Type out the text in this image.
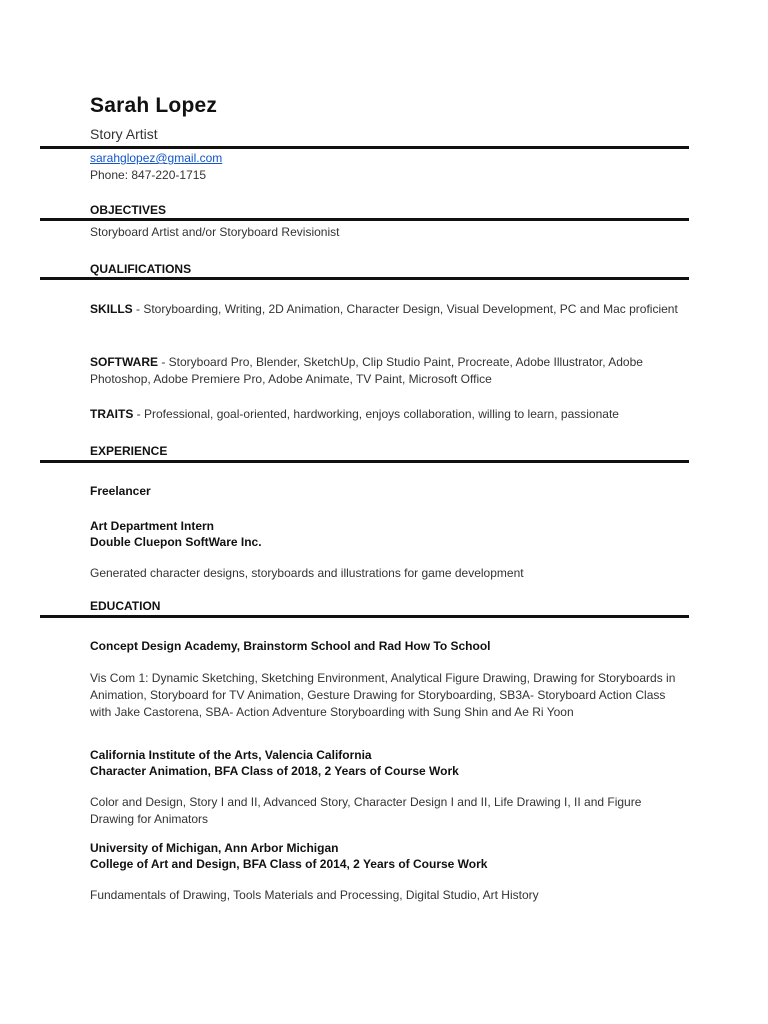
Sarah Lopez
Story Artist
sarahglopez@gmail.com
Phone: 847-220-1715
OBJECTIVES
Storyboard Artist and/or Storyboard Revisionist
QUALIFICATIONS
SKILLS - Storyboarding, Writing, 2D Animation, Character Design, Visual Development, PC and Mac proficient
SOFTWARE - Storyboard Pro, Blender, SketchUp, Clip Studio Paint, Procreate, Adobe Illustrator, Adobe Photoshop, Adobe Premiere Pro, Adobe Animate, TV Paint, Microsoft Office
TRAITS - Professional, goal-oriented, hardworking, enjoys collaboration, willing to learn, passionate
EXPERIENCE
Freelancer
Art Department Intern
Double Cluepon SoftWare Inc.
Generated character designs, storyboards and illustrations for game development
EDUCATION
Concept Design Academy, Brainstorm School and Rad How To School
Vis Com 1: Dynamic Sketching, Sketching Environment, Analytical Figure Drawing, Drawing for Storyboards in Animation, Storyboard for TV Animation, Gesture Drawing for Storyboarding, SB3A- Storyboard Action Class with Jake Castorena, SBA- Action Adventure Storyboarding with Sung Shin and Ae Ri Yoon
California Institute of the Arts, Valencia California
Character Animation, BFA Class of 2018, 2 Years of Course Work
Color and Design, Story I and II, Advanced Story, Character Design I and II, Life Drawing I, II and Figure Drawing for Animators
University of Michigan, Ann Arbor Michigan
College of Art and Design, BFA Class of 2014, 2 Years of Course Work
Fundamentals of Drawing, Tools Materials and Processing, Digital Studio, Art History
